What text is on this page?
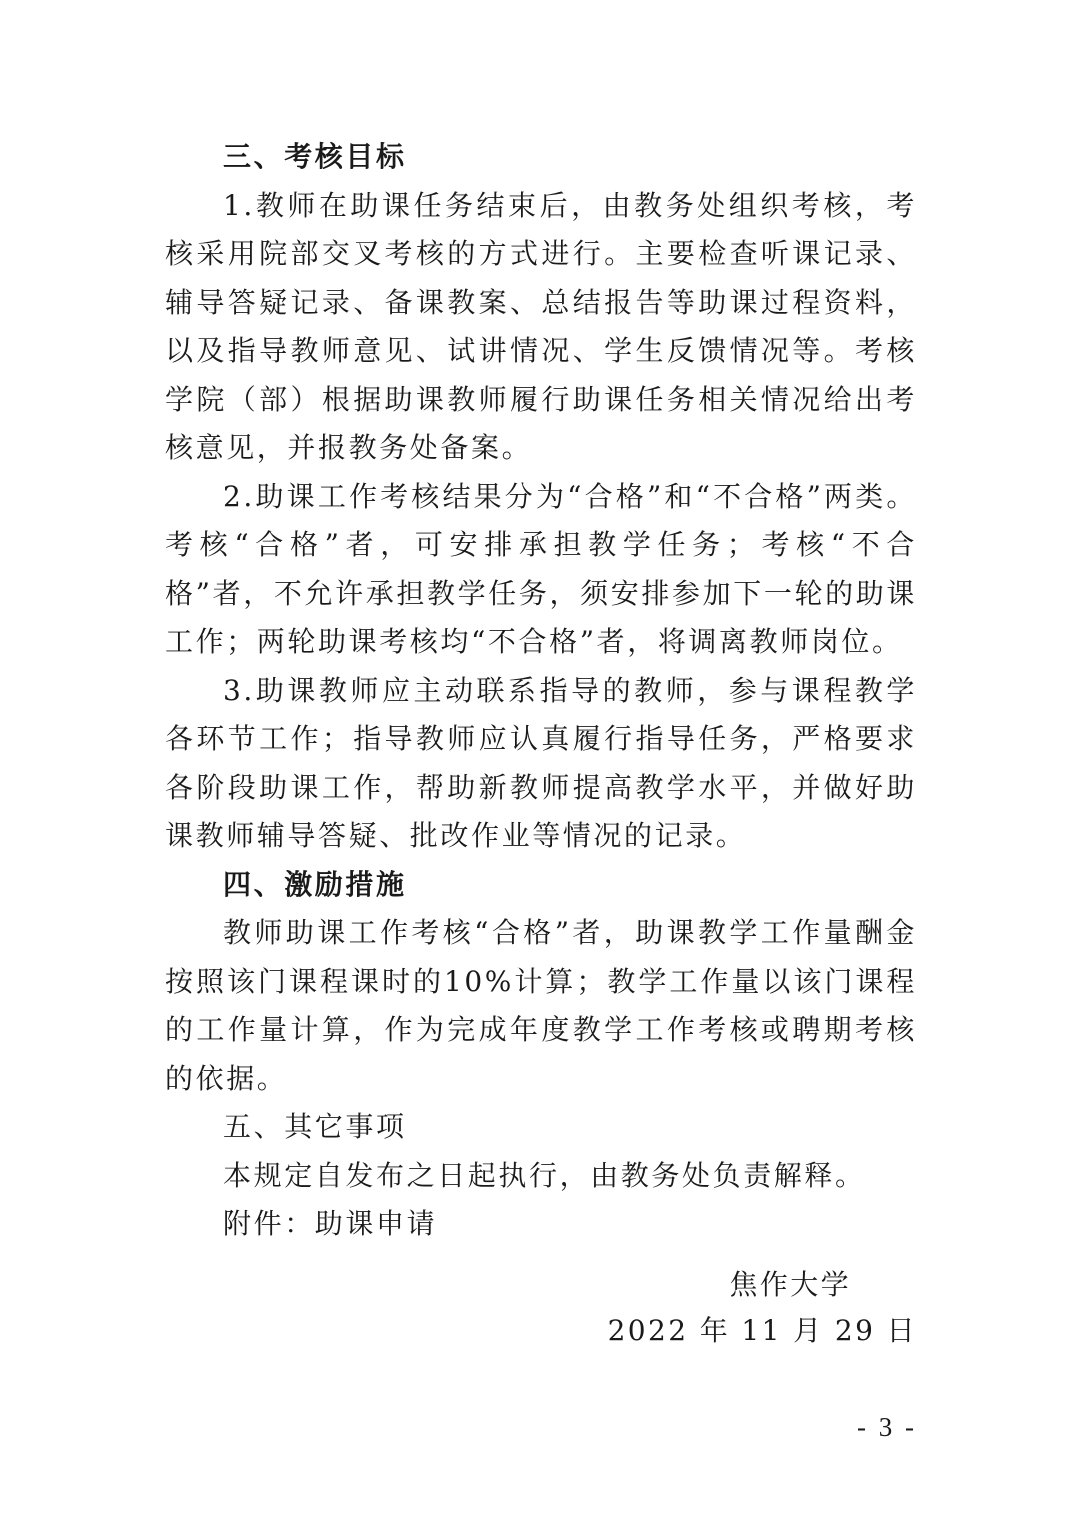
三、考核目标

1.教师在助课任务结束后，由教务处组织考核，考核采用院部交叉考核的方式进行。主要检查听课记录、辅导答疑记录、备课教案、总结报告等助课过程资料，以及指导教师意见、试讲情况、学生反馈情况等。考核学院（部）根据助课教师履行助课任务相关情况给出考核意见，并报教务处备案。

2.助课工作考核结果分为“合格”和“不合格”两类。考核“合格”者，可安排承担教学任务；考核“不合格”者，不允许承担教学任务，须安排参加下一轮的助课工作；两轮助课考核均“不合格”者，将调离教师岗位。

3.助课教师应主动联系指导的教师，参与课程教学各环节工作；指导教师应认真履行指导任务，严格要求各阶段助课工作，帮助新教师提高教学水平，并做好助课教师辅导答疑、批改作业等情况的记录。

四、激励措施

教师助课工作考核“合格”者，助课教学工作量酬金按照该门课程课时的10%计算；教学工作量以该门课程的工作量计算，作为完成年度教学工作考核或聘期考核的依据。

五、其它事项

本规定自发布之日起执行，由教务处负责解释。

附件：助课申请

焦作大学
2022 年 11 月 29 日
- 3 -
